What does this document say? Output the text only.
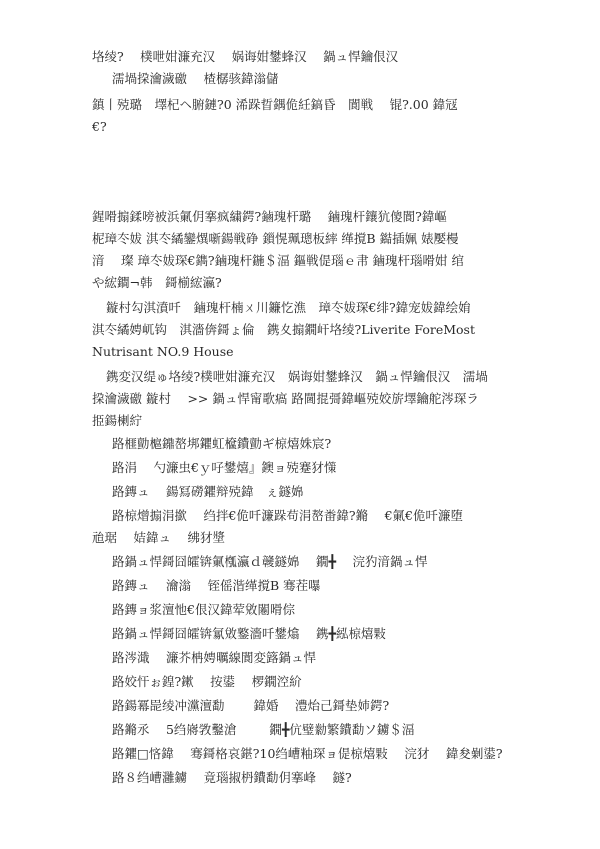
垎绫?　 樸呭姏濂充汉　 娲诲姏鐢蜂汉　 鍋ュ悍鑰佷汉
濡堝挅瀹濊礉　 楂樼骇鍏滃儲
鎮丨殑璐　墿杞ヘ腑鏈?0 浠跺晢鍝佹紝鎬昏　閬戦　 锟?.00 鍏冦
€?
鍟嗗搧鍒嗙被浜氭仴搴疯繍鍔?鏀瑰杆璐　 鏀瑰杆鑲犺傻閬?鍏嶇
柅璋冭妭 淇冭繘鑾熼噺鍚戦碀 鎻愰珮璁板繂 缂撹В 鐑插姵 婊嬮槾
湇　 璨 璋冭妭琛€鐫?鏀瑰杆鍦＄湢 鏂戦偍瑙ｅ帇 鏀瑰杆瑙嗗姏 绾
や綋鐧¬韩　鎶椾綋瀛?
鏇村勾淇濆吀　鏀瑰杆楠ㄨ川鐮忔潐　璋冭妭琛€绯?鍏宠妭鍏绘姢
淇冭繘娉屼钩　淇濇倴鎶ょ倫　鎸夊搧鐗屽垎绫?Liverite ForeMost
Nutrisant NO.9 House
鎸変汉缇ゅ垎绫?樸呭姏濂充汉　娲诲姏鐢蜂汉　鍋ュ悍鑰佷汉　濡堝
挅瀹濊礉 鏇村　 >> 鍋ュ悍甯歌瘑 路閫掍彁鍏嶇殑姣旂墿鑰舵涔琛ラ
挋鍚楋紵
路榧勯槴鐤嶅垹鑺虹檶鐨勯ギ椋熺姝宸?
路涓　 勺濂虫€ｙ吇鐢熺』鐭ョ殑蹇犲憡
路鏄ュ　 鍚冩磱鑺辩殑鍏　ぇ鐩婂
路椋熷搧涓撳　 绉拌€佹吀濂跺苟涓嶅畨鍏?鏅　 €氭€佹吀濂堕
兘琚　 姞鍏ュ　 绋犲墏
路鍋ュ悍鎶囧皬锛氭槬瀛ｄ竷鐩婂　 鐗╋　 浣犳湇鍋ュ悍
路鏄ュ　 瀹滃　 铚傜湝缂撹В 骞茬嚗
路鏄ョ浆澶忚€佷汉鍏荤敓闂嗗倧
路鍋ュ悍鎶囧皬锛氱敓鐜濇吀鐢熻　 鎸╋紭椋熺敤
路涔濈　 濂芥柟娉曞線閬変簬鍋ュ悍
路姣忓ぉ鍠?鏉　 按鍙　 椤鐗涳紒
路鍚冪巼绫冲灙澶勫　 　鍏婚　 澧炲己鎶垫姉鍔?
路鏅氶　 5绉嶈敩鑿滄　 　 鐗╋伉璧勬繁鐨勫ソ鐪＄湢
路鑺□悋鍏　 骞鎶格哀鍖?10绉嶆粙琛ョ偍椋熺敤　 浣犲　 鍏夋劋鍙?
路８绉嶆灉鐪　 竟瑙掓枬鐨勫仴搴峰　 鐩?
